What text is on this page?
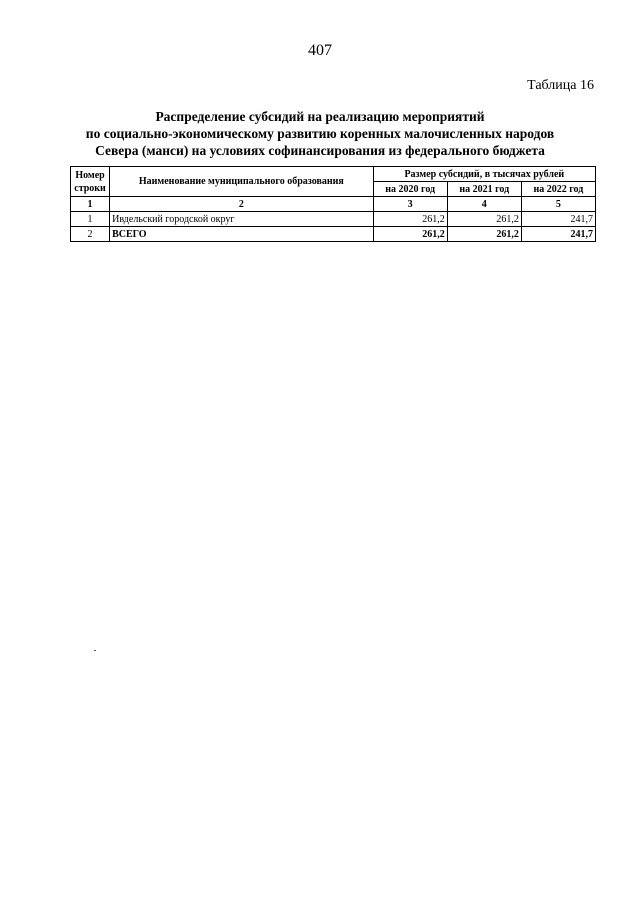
407
Таблица 16
Распределение субсидий на реализацию мероприятий
по социально-экономическому развитию коренных малочисленных народов
Севера (манси) на условиях софинансирования из федерального бюджета
Номер строки	Наименование муниципального образования	Размер субсидий, в тысячах рублей		
		на 2020 год	на 2021 год	на 2022 год
1	2	3	4	5
1	Ивдельский городской округ	261,2	261,2	241,7
2	ВСЕГО	261,2	261,2	241,7
